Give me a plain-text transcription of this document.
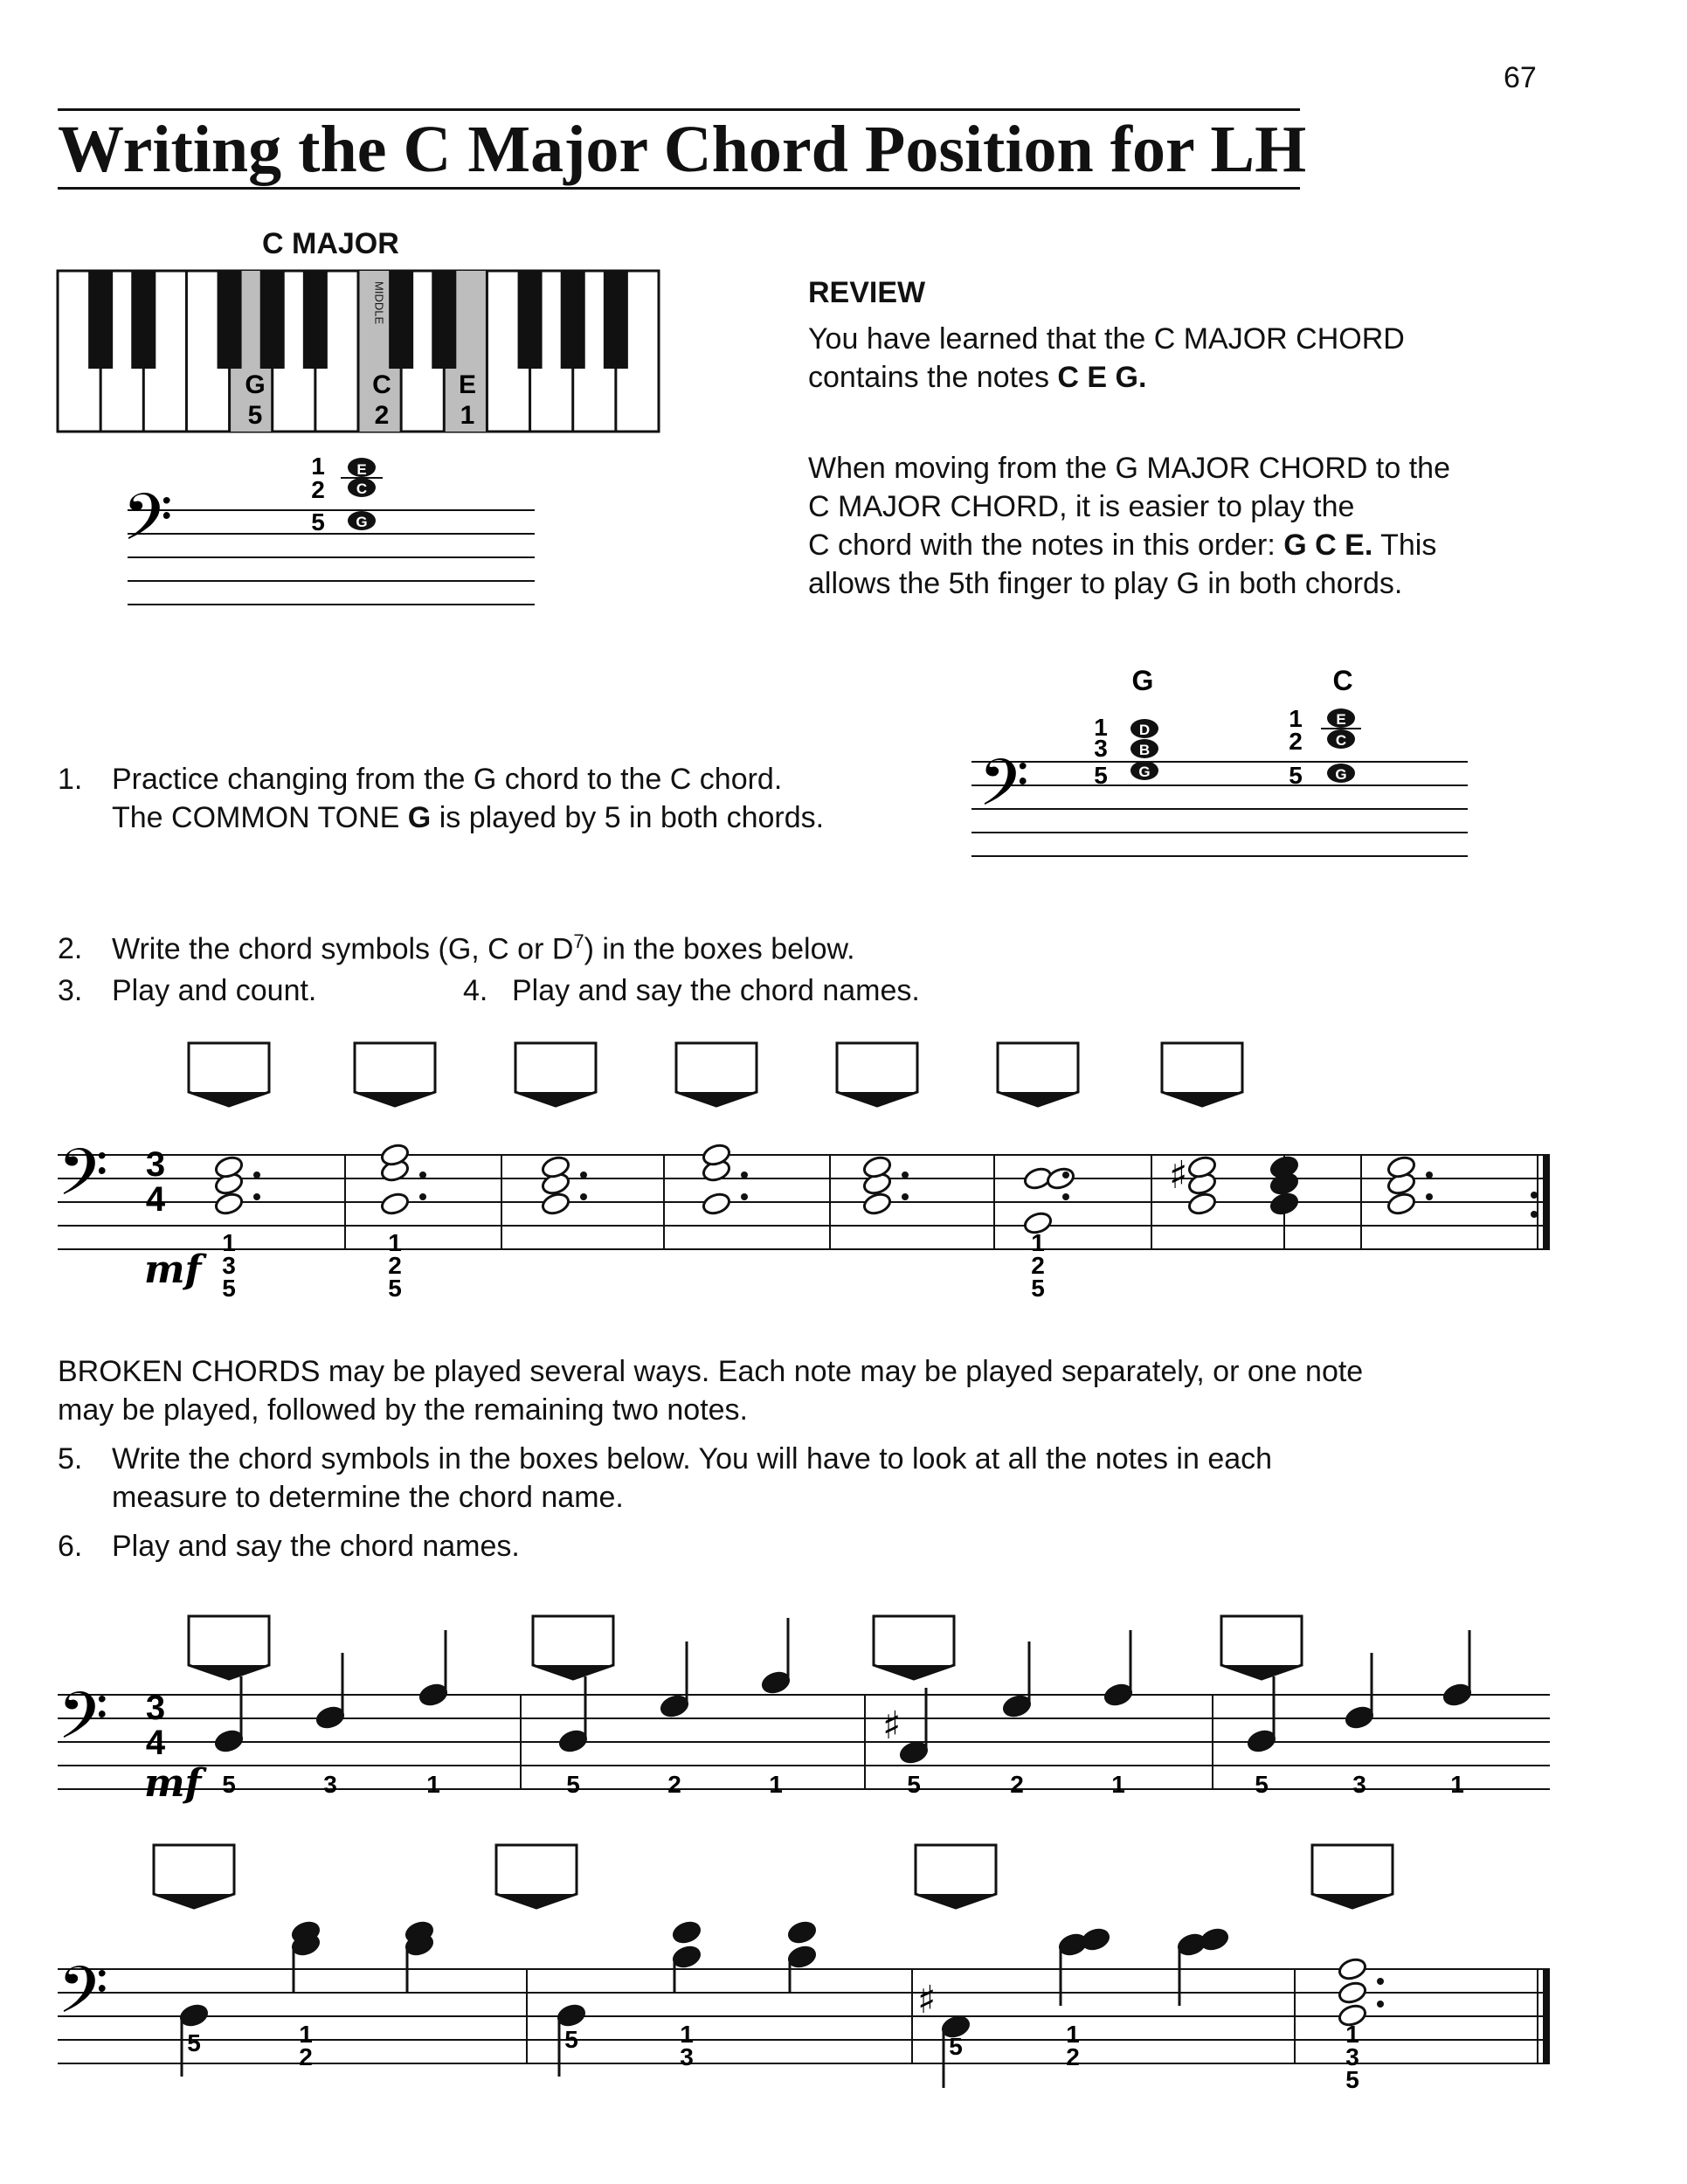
67
Writing the C Major Chord Position for LH
C MAJOR
G
5
C
2
E
1
MIDDLE
𝄢
1
2
5
E
C
G
𝄢
G	C
1
3
5
D
B
G
1
2
5
E
C
G
𝄢 3
4
mf
♯
1
3
5
1
2
5
1
2
5
𝄢 3
4
mf
♯
5	3	1	5	2	1	5	2	1	5	3	1
𝄢	♯
5	1
2
5	1
3	5	1
2
1
3
5
REVIEW
You have learned that the C MAJOR CHORD
contains the notes C E G.
When moving from the G MAJOR CHORD to the
C MAJOR CHORD, it is easier to play the
C chord with the notes in this order: G C E. This
allows the 5th finger to play G in both chords.
1. Practice changing from the G chord to the C chord.
The COMMON TONE G is played by 5 in both chords.
2. Write the chord symbols (G, C or $D^7$) in the boxes below.
3. Play and count.	4. Play and say the chord names.
BROKEN CHORDS may be played several ways. Each note may be played separately, or one note
may be played, followed by the remaining two notes.
5. Write the chord symbols in the boxes below. You will have to look at all the notes in each
measure to determine the chord name.
6. Play and say the chord names.
